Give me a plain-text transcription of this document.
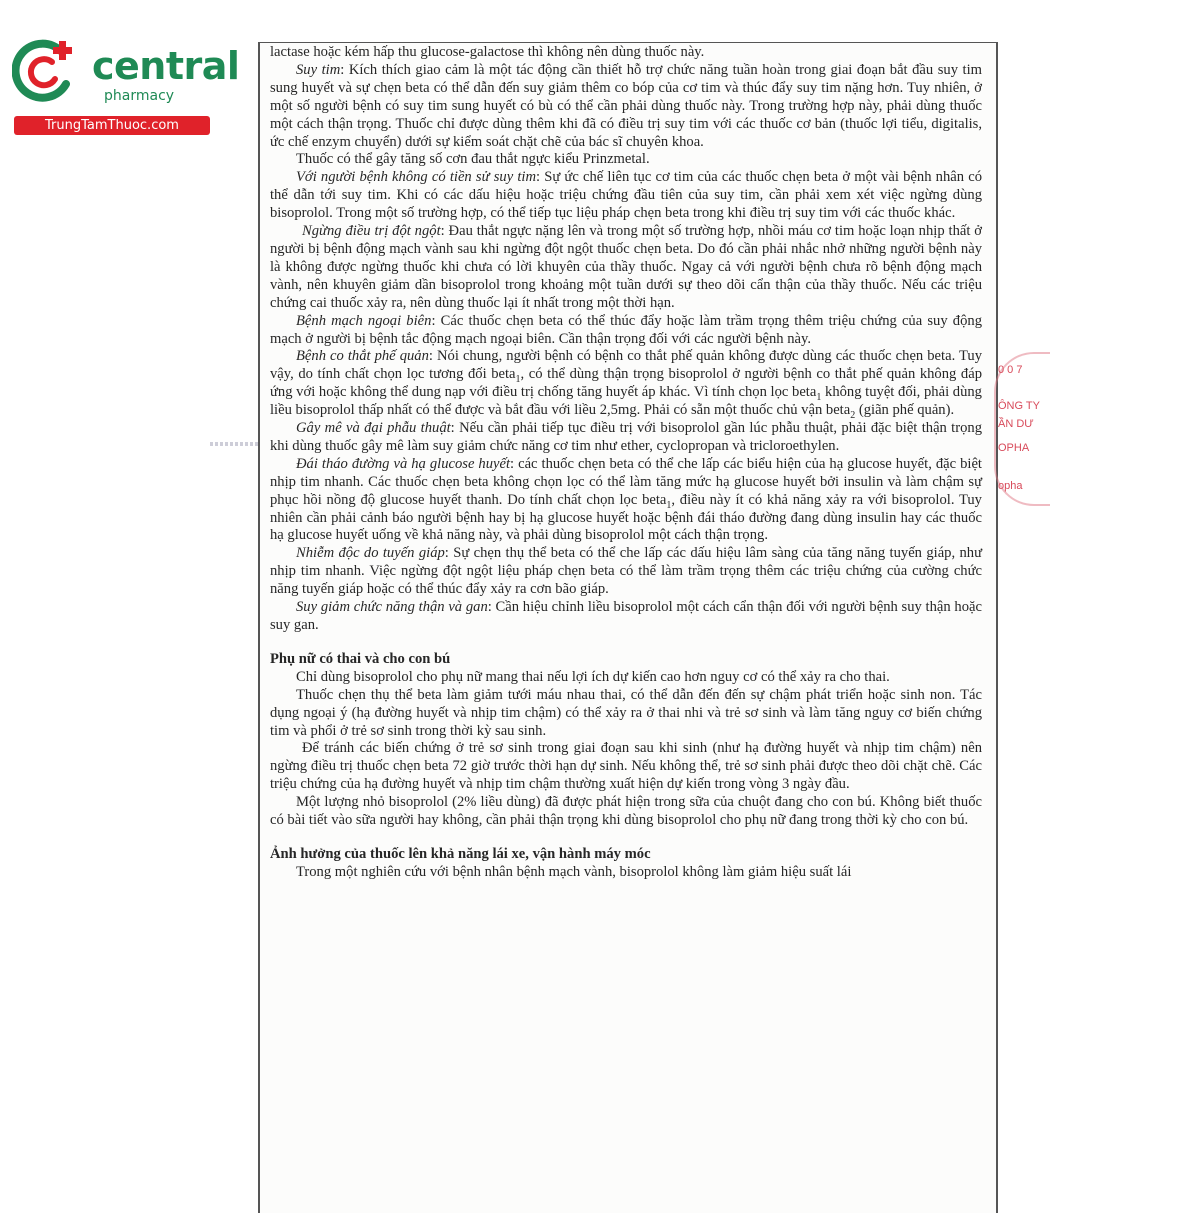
central
pharmacy
TrungTamThuoc.com
0 0 7
ÔNG TY
ẦN DƯ
OPHA
opha

lactase hoặc kém hấp thu glucose-galactose thì không nên dùng thuốc này.

Suy tim: Kích thích giao cảm là một tác động cần thiết hỗ trợ chức năng tuần hoàn trong giai đoạn bắt đầu suy tim sung huyết và sự chẹn beta có thể dẫn đến suy giảm thêm co bóp của cơ tim và thúc đẩy suy tim nặng hơn. Tuy nhiên, ở một số người bệnh có suy tim sung huyết có bù có thể cần phải dùng thuốc này. Trong trường hợp này, phải dùng thuốc một cách thận trọng. Thuốc chỉ được dùng thêm khi đã có điều trị suy tim với các thuốc cơ bản (thuốc lợi tiểu, digitalis, ức chế enzym chuyển) dưới sự kiểm soát chặt chẽ của bác sĩ chuyên khoa.

Thuốc có thể gây tăng số cơn đau thắt ngực kiểu Prinzmetal.

Với người bệnh không có tiền sử suy tim: Sự ức chế liên tục cơ tim của các thuốc chẹn beta ở một vài bệnh nhân có thể dẫn tới suy tim. Khi có các dấu hiệu hoặc triệu chứng đầu tiên của suy tim, cần phải xem xét việc ngừng dùng bisoprolol. Trong một số trường hợp, có thể tiếp tục liệu pháp chẹn beta trong khi điều trị suy tim với các thuốc khác.

Ngừng điều trị đột ngột: Đau thắt ngực nặng lên và trong một số trường hợp, nhồi máu cơ tim hoặc loạn nhịp thất ở người bị bệnh động mạch vành sau khi ngừng đột ngột thuốc chẹn beta. Do đó cần phải nhắc nhở những người bệnh này là không được ngừng thuốc khi chưa có lời khuyên của thầy thuốc. Ngay cả với người bệnh chưa rõ bệnh động mạch vành, nên khuyên giảm dần bisoprolol trong khoảng một tuần dưới sự theo dõi cẩn thận của thầy thuốc. Nếu các triệu chứng cai thuốc xảy ra, nên dùng thuốc lại ít nhất trong một thời hạn.

Bệnh mạch ngoại biên: Các thuốc chẹn beta có thể thúc đẩy hoặc làm trầm trọng thêm triệu chứng của suy động mạch ở người bị bệnh tắc động mạch ngoại biên. Cần thận trọng đối với các người bệnh này.

Bệnh co thắt phế quản: Nói chung, người bệnh có bệnh co thắt phế quản không được dùng các thuốc chẹn beta. Tuy vậy, do tính chất chọn lọc tương đối beta$_1$, có thể dùng thận trọng bisoprolol ở người bệnh co thắt phế quản không đáp ứng với hoặc không thể dung nạp với điều trị chống tăng huyết áp khác. Vì tính chọn lọc beta$_1$ không tuyệt đối, phải dùng liều bisoprolol thấp nhất có thể được và bắt đầu với liều 2,5mg. Phải có sẵn một thuốc chủ vận beta$_2$ (giãn phế quản).

Gây mê và đại phẫu thuật: Nếu cần phải tiếp tục điều trị với bisoprolol gần lúc phẫu thuật, phải đặc biệt thận trọng khi dùng thuốc gây mê làm suy giảm chức năng cơ tim như ether, cyclopropan và tricloroethylen.

Đái tháo đường và hạ glucose huyết: các thuốc chẹn beta có thể che lấp các biểu hiện của hạ glucose huyết, đặc biệt nhịp tim nhanh. Các thuốc chẹn beta không chọn lọc có thể làm tăng mức hạ glucose huyết bởi insulin và làm chậm sự phục hồi nồng độ glucose huyết thanh. Do tính chất chọn lọc beta$_1$, điều này ít có khả năng xảy ra với bisoprolol. Tuy nhiên cần phải cảnh báo người bệnh hay bị hạ glucose huyết hoặc bệnh đái tháo đường đang dùng insulin hay các thuốc hạ glucose huyết uống về khả năng này, và phải dùng bisoprolol một cách thận trọng.

Nhiễm độc do tuyến giáp: Sự chẹn thụ thể beta có thể che lấp các dấu hiệu lâm sàng của tăng năng tuyến giáp, như nhịp tim nhanh. Việc ngừng đột ngột liệu pháp chẹn beta có thể làm trầm trọng thêm các triệu chứng của cường chức năng tuyến giáp hoặc có thể thúc đẩy xảy ra cơn bão giáp.

Suy giảm chức năng thận và gan: Cần hiệu chỉnh liều bisoprolol một cách cẩn thận đối với người bệnh suy thận hoặc suy gan.

Phụ nữ có thai và cho con bú

Chỉ dùng bisoprolol cho phụ nữ mang thai nếu lợi ích dự kiến cao hơn nguy cơ có thể xảy ra cho thai.

Thuốc chẹn thụ thể beta làm giảm tưới máu nhau thai, có thể dẫn đến đến sự chậm phát triển hoặc sinh non. Tác dụng ngoại ý (hạ đường huyết và nhịp tim chậm) có thể xảy ra ở thai nhi và trẻ sơ sinh và làm tăng nguy cơ biến chứng tim và phổi ở trẻ sơ sinh trong thời kỳ sau sinh.

Để tránh các biến chứng ở trẻ sơ sinh trong giai đoạn sau khi sinh (như hạ đường huyết và nhịp tim chậm) nên ngừng điều trị thuốc chẹn beta 72 giờ trước thời hạn dự sinh. Nếu không thể, trẻ sơ sinh phải được theo dõi chặt chẽ. Các triệu chứng của hạ đường huyết và nhịp tim chậm thường xuất hiện dự kiến trong vòng 3 ngày đầu.

Một lượng nhỏ bisoprolol (2% liều dùng) đã được phát hiện trong sữa của chuột đang cho con bú. Không biết thuốc có bài tiết vào sữa người hay không, cần phải thận trọng khi dùng bisoprolol cho phụ nữ đang trong thời kỳ cho con bú.

Ảnh hưởng của thuốc lên khả năng lái xe, vận hành máy móc

Trong một nghiên cứu với bệnh nhân bệnh mạch vành, bisoprolol không làm giảm hiệu suất lái
